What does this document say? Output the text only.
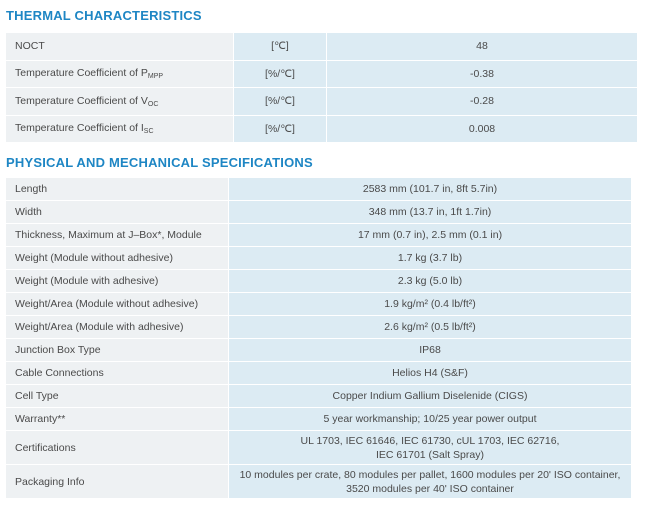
THERMAL CHARACTERISTICS
NOCT	[℃]	48
Temperature Coefficient of $P_{MPP}$	[%/℃]	-0.38
Temperature Coefficient of $V_{OC}$	[%/℃]	-0.28
Temperature Coefficient of $I_{SC}$	[%/℃]	0.008
PHYSICAL AND MECHANICAL SPECIFICATIONS
Length	2583 mm (101.7 in, 8ft 5.7in)
Width	348 mm (13.7 in, 1ft 1.7in)
Thickness, Maximum at J–Box*, Module	17 mm (0.7 in), 2.5 mm (0.1 in)
Weight (Module without adhesive)	1.7 kg (3.7 lb)
Weight (Module with adhesive)	2.3 kg (5.0 lb)
Weight/Area (Module without adhesive)	1.9 kg/m² (0.4 lb/ft²)
Weight/Area (Module with adhesive)	2.6 kg/m² (0.5 lb/ft²)
Junction Box Type	IP68
Cable Connections	Helios H4 (S&F)
Cell Type	Copper Indium Gallium Diselenide (CIGS)
Warranty**	5 year workmanship; 10/25 year power output
Certifications	UL 1703, IEC 61646, IEC 61730, cUL 1703, IEC 62716,
IEC 61701 (Salt Spray)
Packaging Info	10 modules per crate, 80 modules per pallet, 1600 modules per 20' ISO container,
3520 modules per 40' ISO container
